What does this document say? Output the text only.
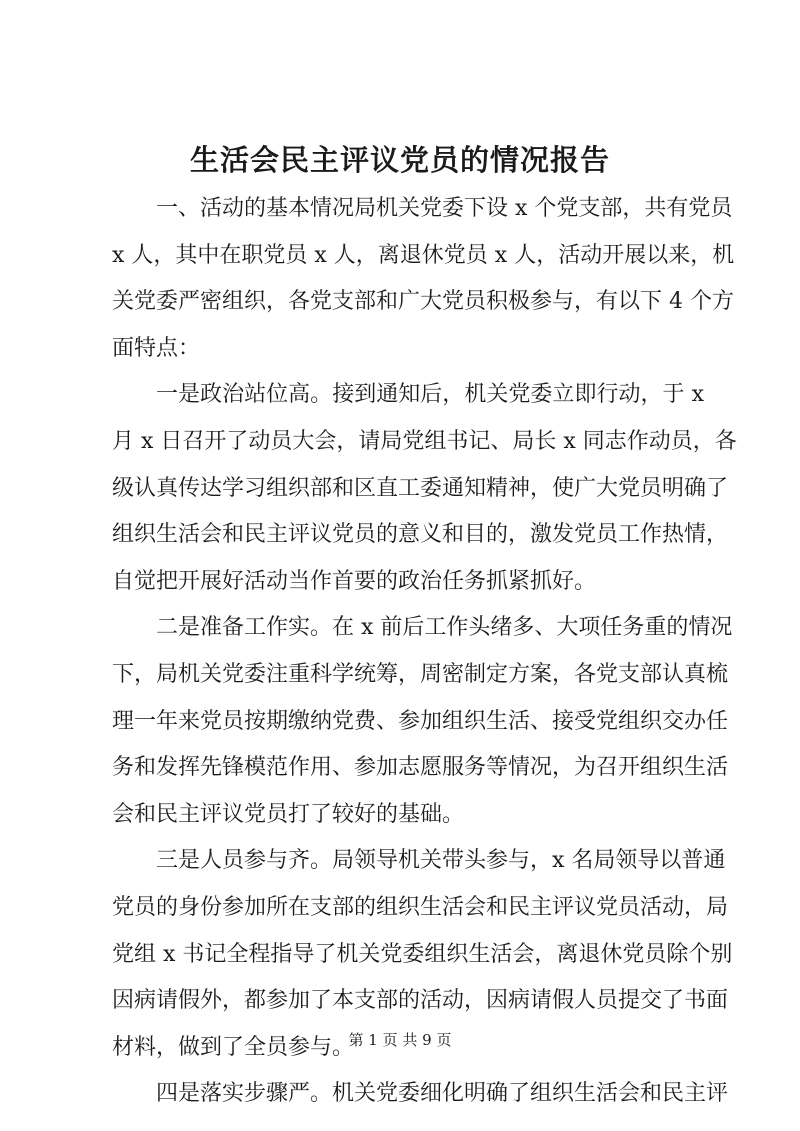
生活会民主评议党员的情况报告
一、活动的基本情况局机关党委下设 x 个党支部，共有党员
x 人，其中在职党员 x 人，离退休党员 x 人，活动开展以来，机
关党委严密组织，各党支部和广大党员积极参与，有以下 4 个方
面特点：
一是政治站位高。接到通知后，机关党委立即行动，于 x
月 x 日召开了动员大会，请局党组书记、局长 x 同志作动员，各
级认真传达学习组织部和区直工委通知精神，使广大党员明确了
组织生活会和民主评议党员的意义和目的，激发党员工作热情，
自觉把开展好活动当作首要的政治任务抓紧抓好。
二是准备工作实。在 x 前后工作头绪多、大项任务重的情况
下，局机关党委注重科学统筹，周密制定方案，各党支部认真梳
理一年来党员按期缴纳党费、参加组织生活、接受党组织交办任
务和发挥先锋模范作用、参加志愿服务等情况，为召开组织生活
会和民主评议党员打了较好的基础。
三是人员参与齐。局领导机关带头参与，x 名局领导以普通
党员的身份参加所在支部的组织生活会和民主评议党员活动，局
党组 x 书记全程指导了机关党委组织生活会，离退休党员除个别
因病请假外，都参加了本支部的活动，因病请假人员提交了书面
材料，做到了全员参与。
四是落实步骤严。机关党委细化明确了组织生活会和民主评
第 1 页 共 9 页
